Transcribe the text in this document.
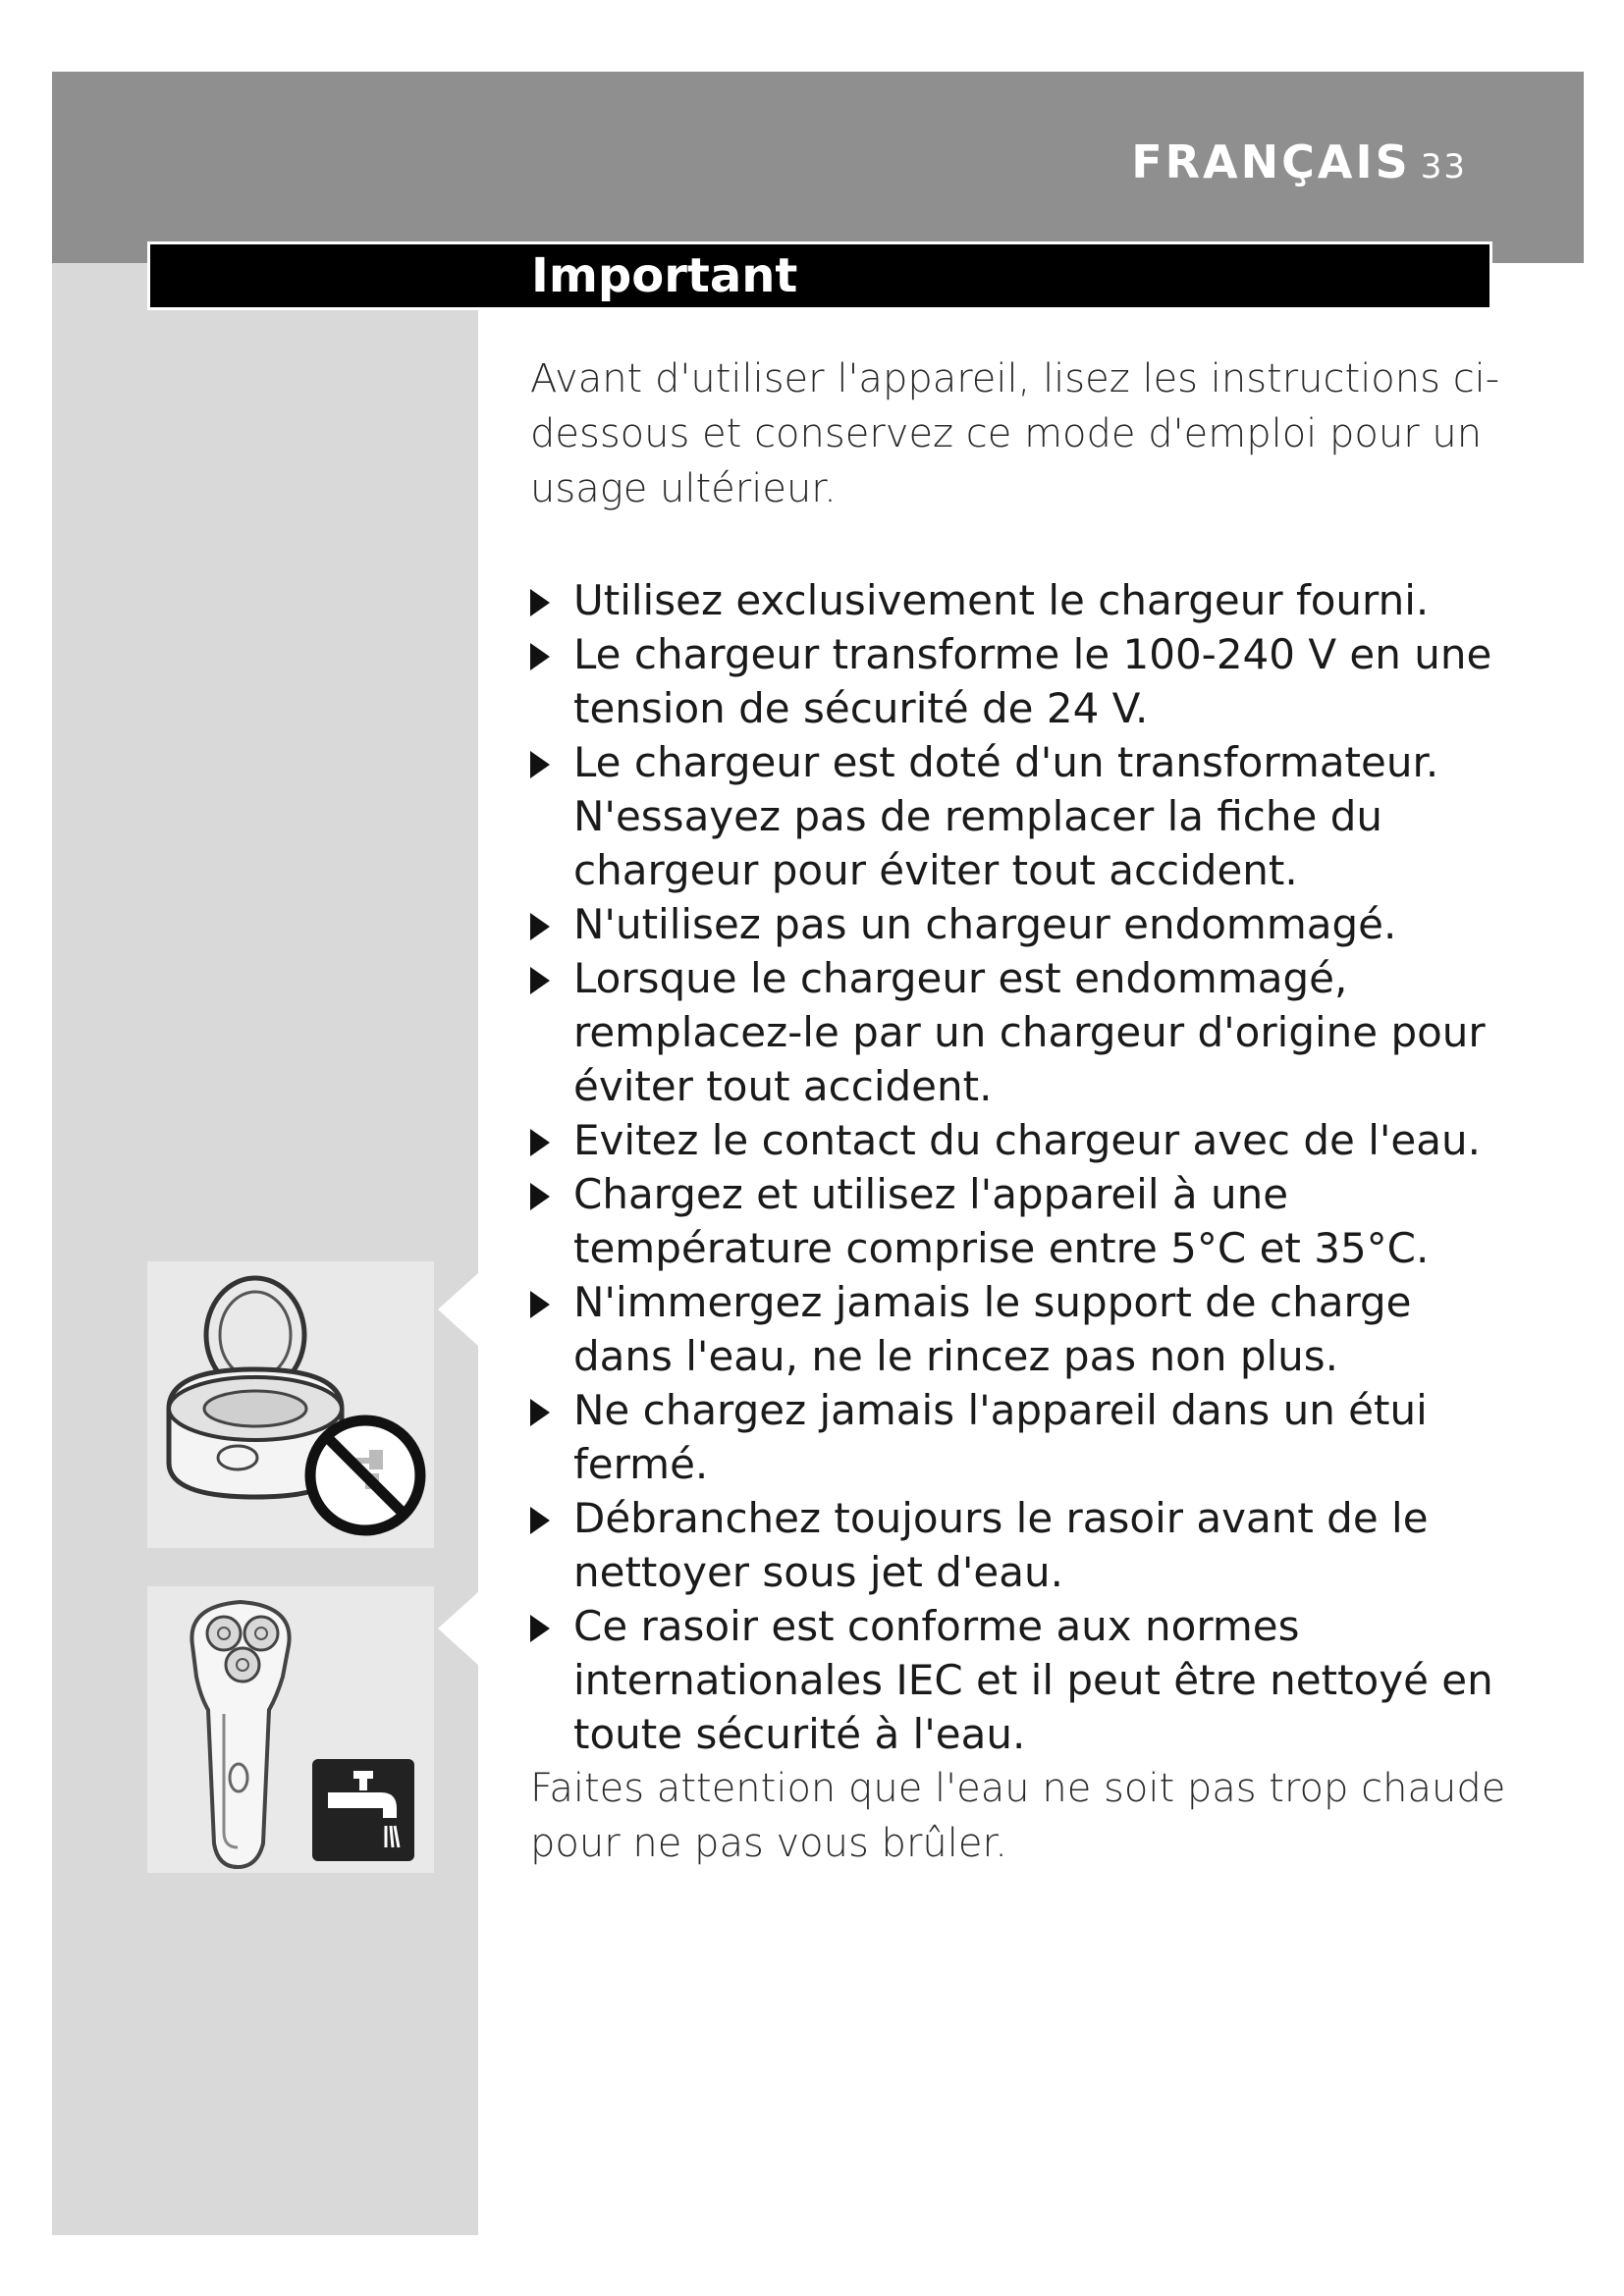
FRANÇAIS 33
Important

Avant d'utiliser l'appareil, lisez les instructions ci-dessous et conservez ce mode d'emploi pour un usage ultérieur.

Utilisez exclusivement le chargeur fourni.
Le chargeur transforme le 100-240 V en une tension de sécurité de 24 V.
Le chargeur est doté d'un transformateur. N'essayez pas de remplacer la fiche du chargeur pour éviter tout accident.
N'utilisez pas un chargeur endommagé.
Lorsque le chargeur est endommagé, remplacez-le par un chargeur d'origine pour éviter tout accident.
Evitez le contact du chargeur avec de l'eau.
Chargez et utilisez l'appareil à une température comprise entre 5°C et 35°C.
N'immergez jamais le support de charge dans l'eau, ne le rincez pas non plus.
Ne chargez jamais l'appareil dans un étui fermé.
Débranchez toujours le rasoir avant de le nettoyer sous jet d'eau.
Ce rasoir est conforme aux normes internationales IEC et il peut être nettoyé en toute sécurité à l'eau.

Faites attention que l'eau ne soit pas trop chaude
pour ne pas vous brûler.
